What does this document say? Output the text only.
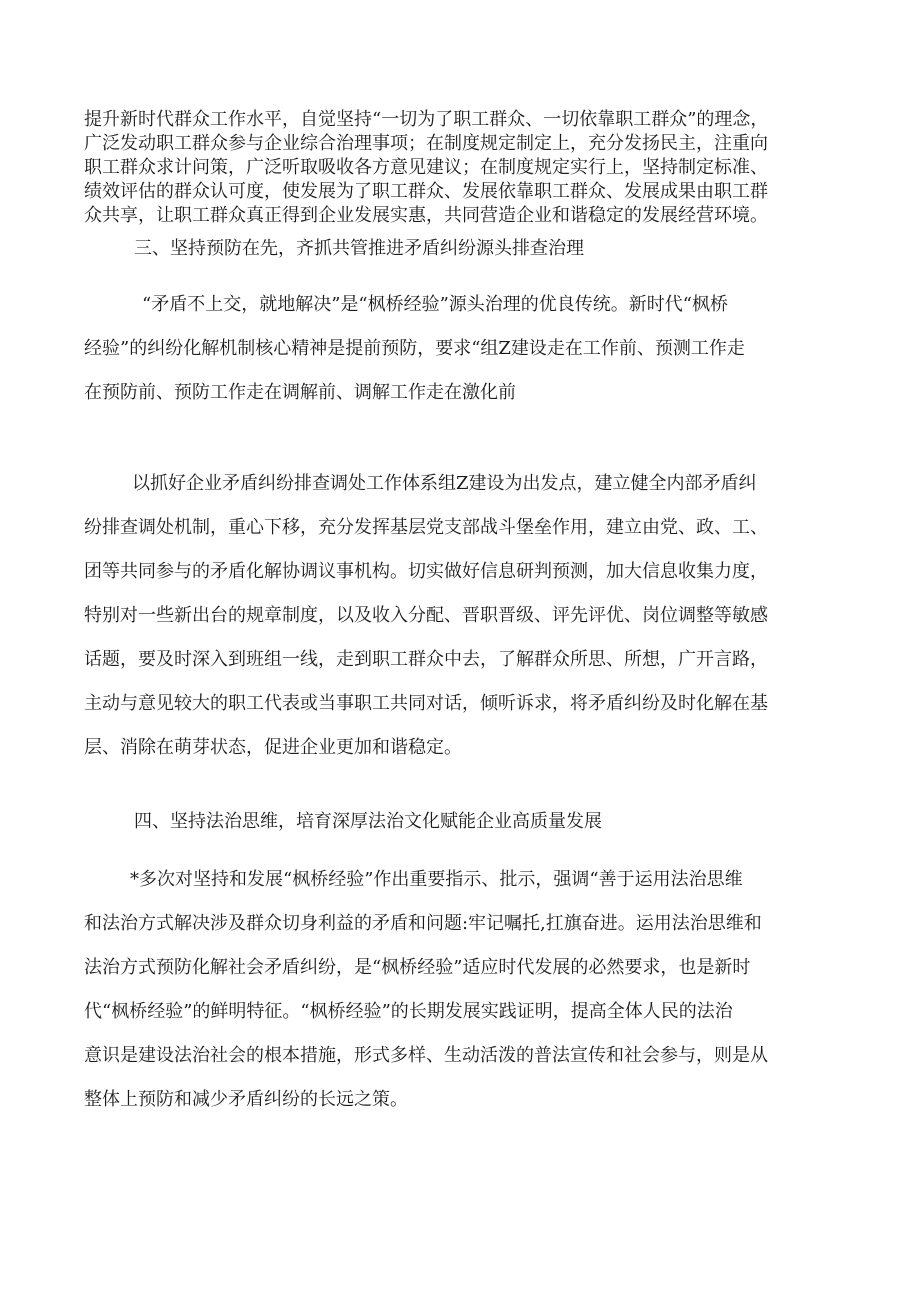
提升新时代群众工作水平，自觉坚持“一切为了职工群众、一切依靠职工群众”的理念，
广泛发动职工群众参与企业综合治理事项；在制度规定制定上，充分发扬民主，注重向
职工群众求计问策，广泛听取吸收各方意见建议；在制度规定实行上，坚持制定标准、
绩效评估的群众认可度，使发展为了职工群众、发展依靠职工群众、发展成果由职工群
众共享，让职工群众真正得到企业发展实惠，共同营造企业和谐稳定的发展经营环境。
三、坚持预防在先，齐抓共管推进矛盾纠纷源头排查治理
“矛盾不上交，就地解决”是“枫桥经验”源头治理的优良传统。新时代“枫桥
经验”的纠纷化解机制核心精神是提前预防，要求“组Z建设走在工作前、预测工作走
在预防前、预防工作走在调解前、调解工作走在激化前
以抓好企业矛盾纠纷排查调处工作体系组Z建设为出发点，建立健全内部矛盾纠
纷排查调处机制，重心下移，充分发挥基层党支部战斗堡垒作用，建立由党、政、工、
团等共同参与的矛盾化解协调议事机构。切实做好信息研判预测，加大信息收集力度，
特别对一些新出台的规章制度，以及收入分配、晋职晋级、评先评优、岗位调整等敏感
话题，要及时深入到班组一线，走到职工群众中去，了解群众所思、所想，广开言路，
主动与意见较大的职工代表或当事职工共同对话，倾听诉求，将矛盾纠纷及时化解在基
层、消除在萌芽状态，促进企业更加和谐稳定。
四、坚持法治思维，培育深厚法治文化赋能企业高质量发展
*多次对坚持和发展“枫桥经验”作出重要指示、批示，强调“善于运用法治思维
和法治方式解决涉及群众切身利益的矛盾和问题:牢记嘱托,扛旗奋进。运用法治思维和
法治方式预防化解社会矛盾纠纷，是“枫桥经验”适应时代发展的必然要求，也是新时
代“枫桥经验”的鲜明特征。“枫桥经验”的长期发展实践证明，提高全体人民的法治
意识是建设法治社会的根本措施，形式多样、生动活泼的普法宣传和社会参与，则是从
整体上预防和减少矛盾纠纷的长远之策。
